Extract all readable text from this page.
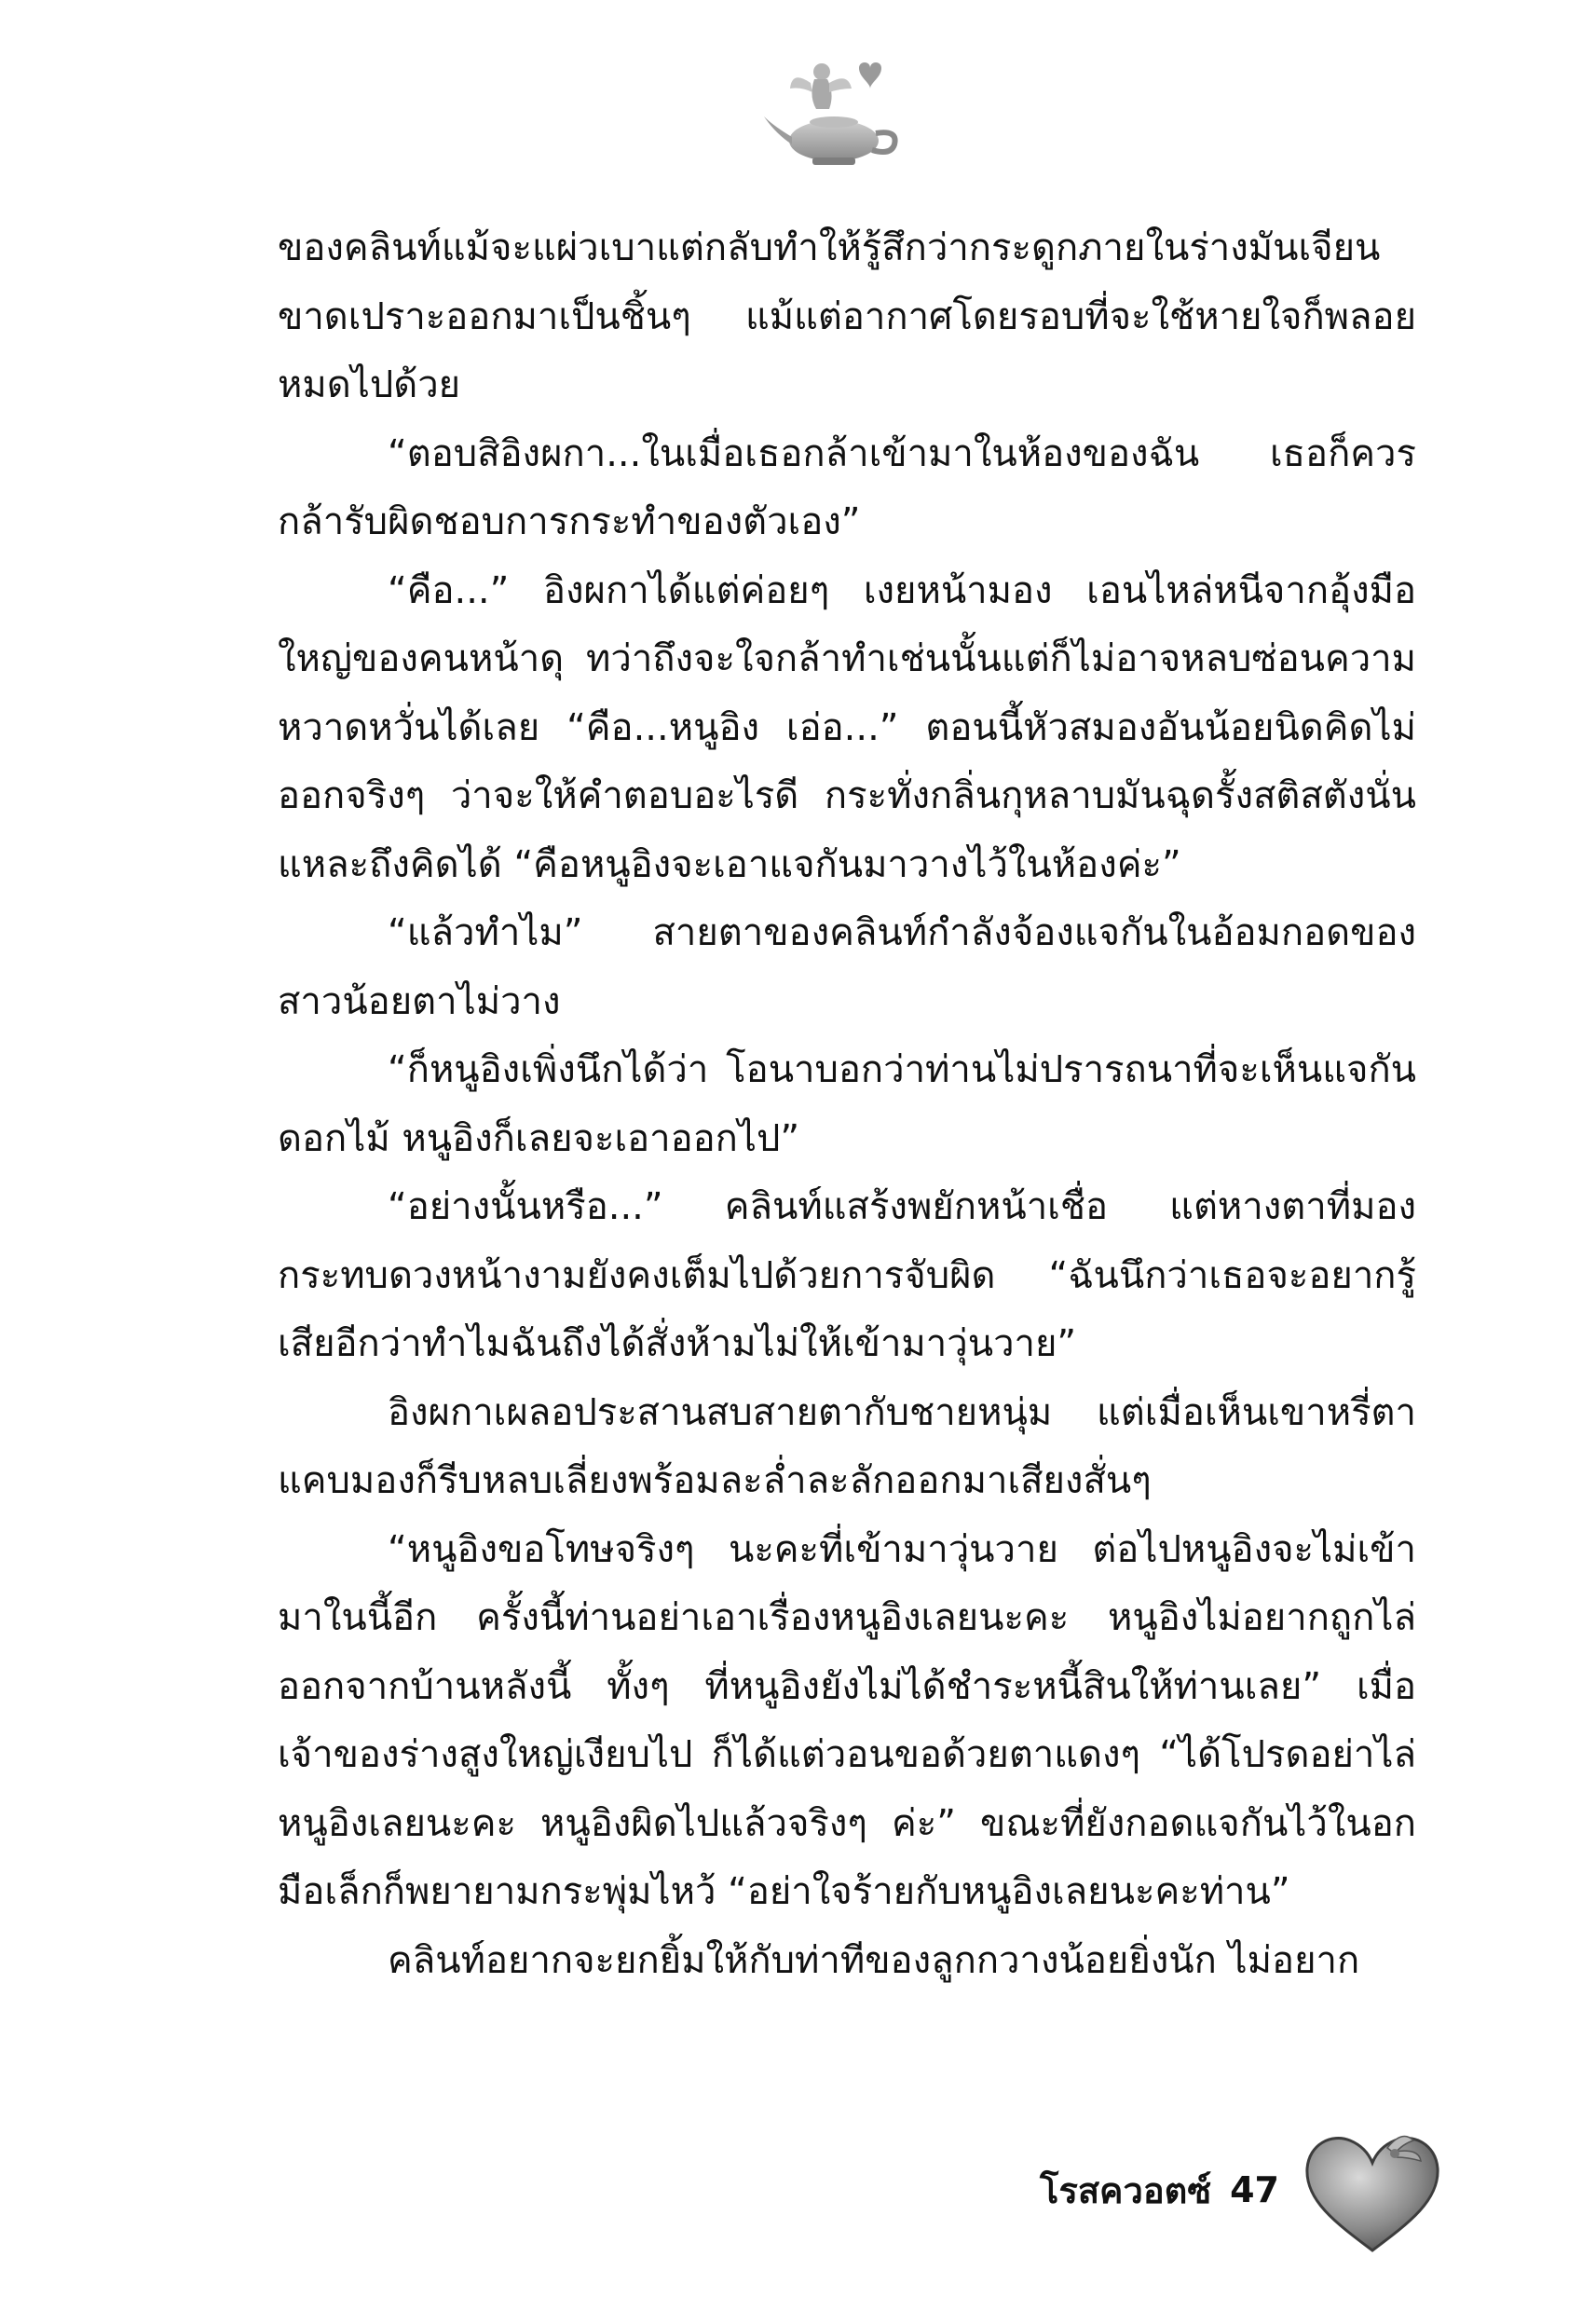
ของคลินท์แม้จะแผ่วเบาแต่กลับทำให้รู้สึกว่ากระดูกภายในร่างมันเจียนขาดเปราะออกมาเป็นชิ้นๆ แม้แต่อากาศโดยรอบที่จะใช้หายใจก็พลอยหมดไปด้วย

“ตอบสิอิงผกา...ในเมื่อเธอกล้าเข้ามาในห้องของฉัน เธอก็ควรกล้ารับผิดชอบการกระทำของตัวเอง”

“คือ...” อิงผกาได้แต่ค่อยๆ เงยหน้ามอง เอนไหล่หนีจากอุ้งมือใหญ่ของคนหน้าดุ ทว่าถึงจะใจกล้าทำเช่นนั้นแต่ก็ไม่อาจหลบซ่อนความหวาดหวั่นได้เลย “คือ...หนูอิง เอ่อ...” ตอนนี้หัวสมองอันน้อยนิดคิดไม่ออกจริงๆ ว่าจะให้คำตอบอะไรดี กระทั่งกลิ่นกุหลาบมันฉุดรั้งสติสตังนั่นแหละถึงคิดได้ “คือหนูอิงจะเอาแจกันมาวางไว้ในห้องค่ะ”

“แล้วทำไม” สายตาของคลินท์กำลังจ้องแจกันในอ้อมกอดของสาวน้อยตาไม่วาง

“ก็หนูอิงเพิ่งนึกได้ว่า โอนาบอกว่าท่านไม่ปรารถนาที่จะเห็นแจกันดอกไม้ หนูอิงก็เลยจะเอาออกไป”

“อย่างนั้นหรือ...” คลินท์แสร้งพยักหน้าเชื่อ แต่หางตาที่มองกระทบดวงหน้างามยังคงเต็มไปด้วยการจับผิด “ฉันนึกว่าเธอจะอยากรู้เสียอีกว่าทำไมฉันถึงได้สั่งห้ามไม่ให้เข้ามาวุ่นวาย”

อิงผกาเผลอประสานสบสายตากับชายหนุ่ม แต่เมื่อเห็นเขาหรี่ตาแคบมองก็รีบหลบเลี่ยงพร้อมละล่ำละลักออกมาเสียงสั่นๆ

“หนูอิงขอโทษจริงๆ นะคะที่เข้ามาวุ่นวาย ต่อไปหนูอิงจะไม่เข้ามาในนี้อีก ครั้งนี้ท่านอย่าเอาเรื่องหนูอิงเลยนะคะ หนูอิงไม่อยากถูกไล่ออกจากบ้านหลังนี้ ทั้งๆ ที่หนูอิงยังไม่ได้ชำระหนี้สินให้ท่านเลย” เมื่อเจ้าของร่างสูงใหญ่เงียบไป ก็ได้แต่วอนขอด้วยตาแดงๆ “ได้โปรดอย่าไล่หนูอิงเลยนะคะ หนูอิงผิดไปแล้วจริงๆ ค่ะ” ขณะที่ยังกอดแจกันไว้ในอกมือเล็กก็พยายามกระพุ่มไหว้ “อย่าใจร้ายกับหนูอิงเลยนะคะท่าน”

คลินท์อยากจะยกยิ้มให้กับท่าทีของลูกกวางน้อยยิ่งนัก ไม่อยาก

โรสควอตซ์ 47
